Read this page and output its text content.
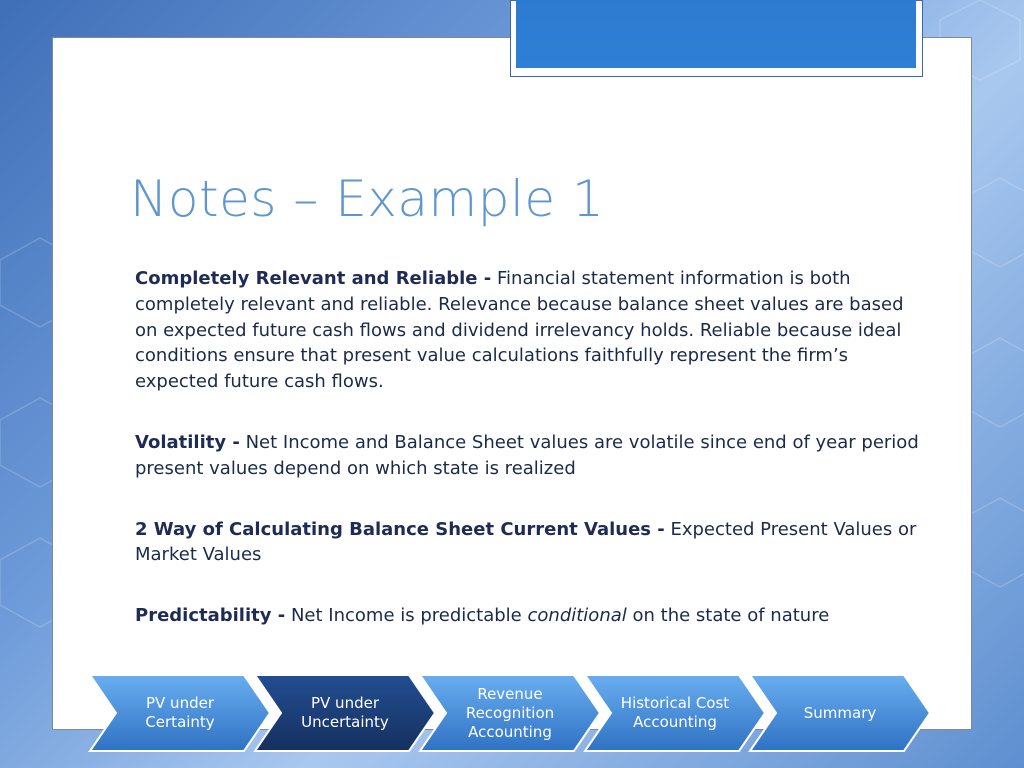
Notes – Example 1

Completely Relevant and Reliable - Financial statement information is both completely relevant and reliable. Relevance because balance sheet values are based on expected future cash flows and dividend irrelevancy holds. Reliable because ideal conditions ensure that present value calculations faithfully represent the firm’s expected future cash flows.

Volatility - Net Income and Balance Sheet values are volatile since end of year period present values depend on which state is realized

2 Way of Calculating Balance Sheet Current Values - Expected Present Values or Market Values

Predictability - Net Income is predictable conditional on the state of nature

PV under Certainty
PV under Uncertainty
Revenue Recognition Accounting
Historical Cost Accounting
Summary
